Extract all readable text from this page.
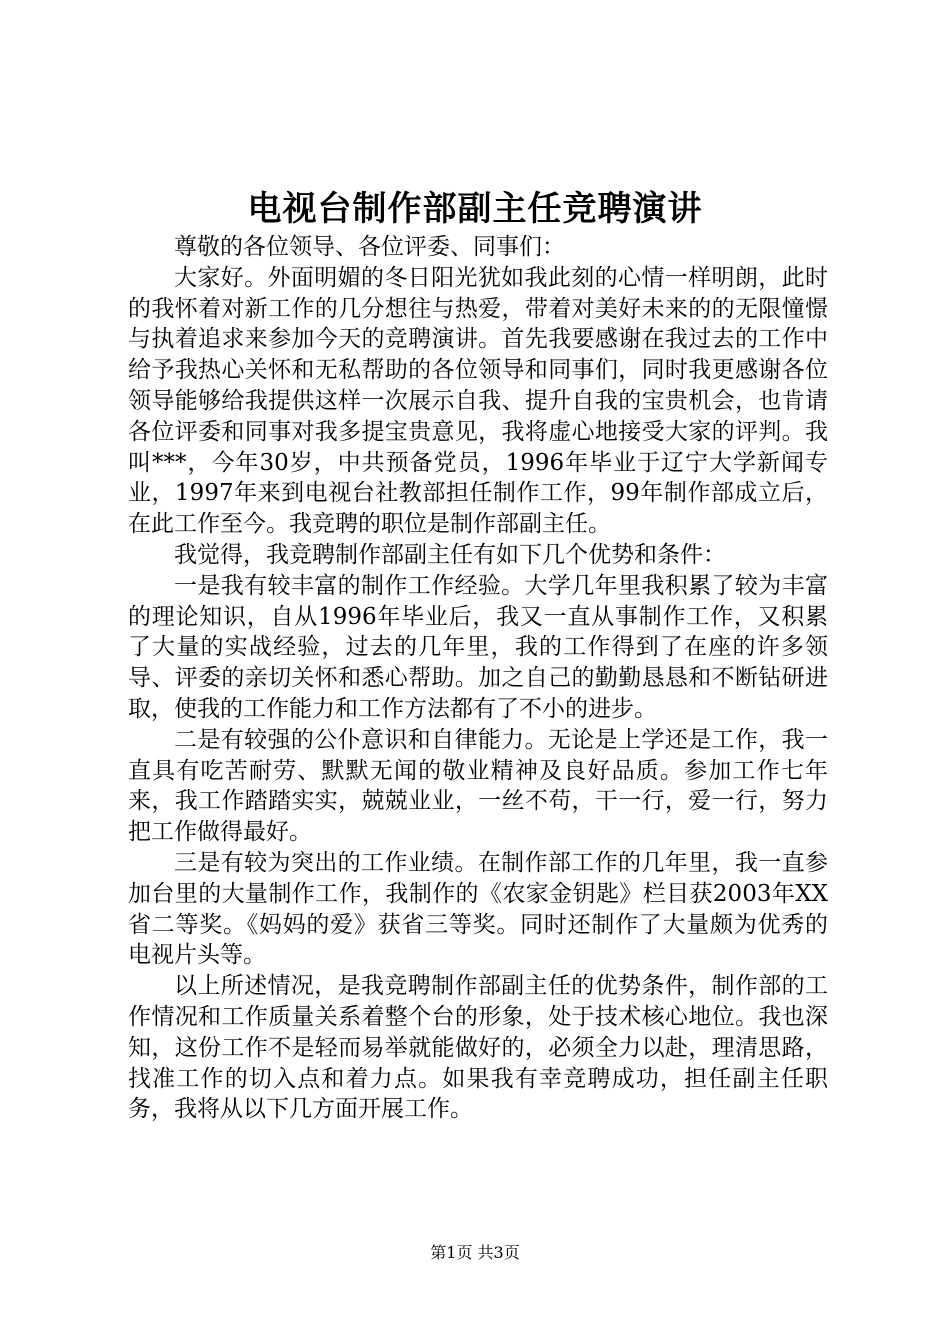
电视台制作部副主任竞聘演讲

尊敬的各位领导、各位评委、同事们：

大家好。外面明媚的冬日阳光犹如我此刻的心情一样明朗，此时的我怀着对新工作的几分想往与热爱，带着对美好未来的的无限憧憬与执着追求来参加今天的竞聘演讲。首先我要感谢在我过去的工作中给予我热心关怀和无私帮助的各位领导和同事们，同时我更感谢各位领导能够给我提供这样一次展示自我、提升自我的宝贵机会，也肯请各位评委和同事对我多提宝贵意见，我将虚心地接受大家的评判。我叫***，今年30岁，中共预备党员，1996年毕业于辽宁大学新闻专业，1997年来到电视台社教部担任制作工作，99年制作部成立后，在此工作至今。我竞聘的职位是制作部副主任。

我觉得，我竞聘制作部副主任有如下几个优势和条件：

一是我有较丰富的制作工作经验。大学几年里我积累了较为丰富的理论知识，自从1996年毕业后，我又一直从事制作工作，又积累了大量的实战经验，过去的几年里，我的工作得到了在座的许多领导、评委的亲切关怀和悉心帮助。加之自己的勤勤恳恳和不断钻研进取，使我的工作能力和工作方法都有了不小的进步。

二是有较强的公仆意识和自律能力。无论是上学还是工作，我一直具有吃苦耐劳、默默无闻的敬业精神及良好品质。参加工作七年来，我工作踏踏实实，兢兢业业，一丝不苟，干一行，爱一行，努力把工作做得最好。

三是有较为突出的工作业绩。在制作部工作的几年里，我一直参加台里的大量制作工作，我制作的《农家金钥匙》栏目获2003年XX省二等奖。《妈妈的爱》获省三等奖。同时还制作了大量颇为优秀的电视片头等。

以上所述情况，是我竞聘制作部副主任的优势条件，制作部的工作情况和工作质量关系着整个台的形象，处于技术核心地位。我也深知，这份工作不是轻而易举就能做好的，必须全力以赴，理清思路，找准工作的切入点和着力点。如果我有幸竞聘成功，担任副主任职务，我将从以下几方面开展工作。

第1页 共3页
